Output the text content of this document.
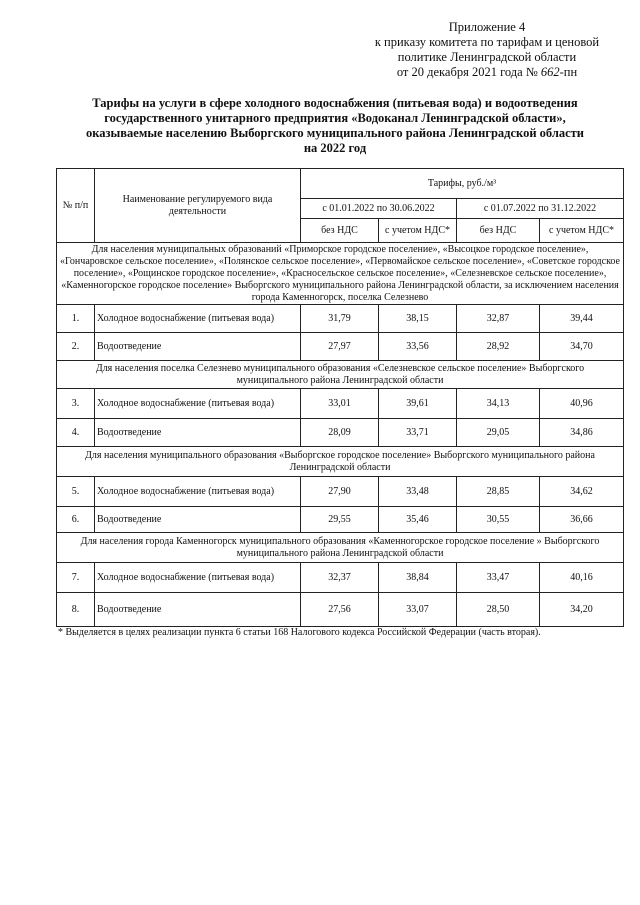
Приложение 4
к приказу комитета по тарифам и ценовой
политике Ленинградской области
от 20 декабря 2021 года № 662-пн
Тарифы на услуги в сфере холодного водоснабжения (питьевая вода) и водоотведения
государственного унитарного предприятия «Водоканал Ленинградской области»,
оказываемые населению Выборгского муниципального района Ленинградской области
на 2022 год
№ п/п	Наименование регулируемого вида деятельности	Тарифы, руб./м³			
		с 01.01.2022 по 30.06.2022		с 01.07.2022 по 31.12.2022	
		без НДС	с учетом НДС*	без НДС	с учетом НДС*
Для населения муниципальных образований «Приморское городское поселение», «Высоцкое городское поселение», «Гончаровское сельское поселение», «Полянское сельское поселение», «Первомайское сельское поселение», «Советское городское поселение», «Рощинское городское поселение», «Красносельское сельское поселение», «Селезневское сельское поселение», «Каменногорское городское поселение» Выборгского муниципального района Ленинградской области, за исключением населения города Каменногорск, поселка Селезнево					
1.	Холодное водоснабжение (питьевая вода)	31,79	38,15	32,87	39,44
2.	Водоотведение	27,97	33,56	28,92	34,70
Для населения поселка Селезнево муниципального образования «Селезневское сельское поселение» Выборгского муниципального района Ленинградской области					
3.	Холодное водоснабжение (питьевая вода)	33,01	39,61	34,13	40,96
4.	Водоотведение	28,09	33,71	29,05	34,86
Для населения муниципального образования «Выборгское городское поселение» Выборгского муниципального района Ленинградской области					
5.	Холодное водоснабжение (питьевая вода)	27,90	33,48	28,85	34,62
6.	Водоотведение	29,55	35,46	30,55	36,66
Для населения города Каменногорск муниципального образования «Каменногорское городское поселение » Выборгского муниципального района Ленинградской области					
7.	Холодное водоснабжение (питьевая вода)	32,37	38,84	33,47	40,16
8.	Водоотведение	27,56	33,07	28,50	34,20
* Выделяется в целях реализации пункта 6 статьи 168 Налогового кодекса Российской Федерации (часть вторая).
